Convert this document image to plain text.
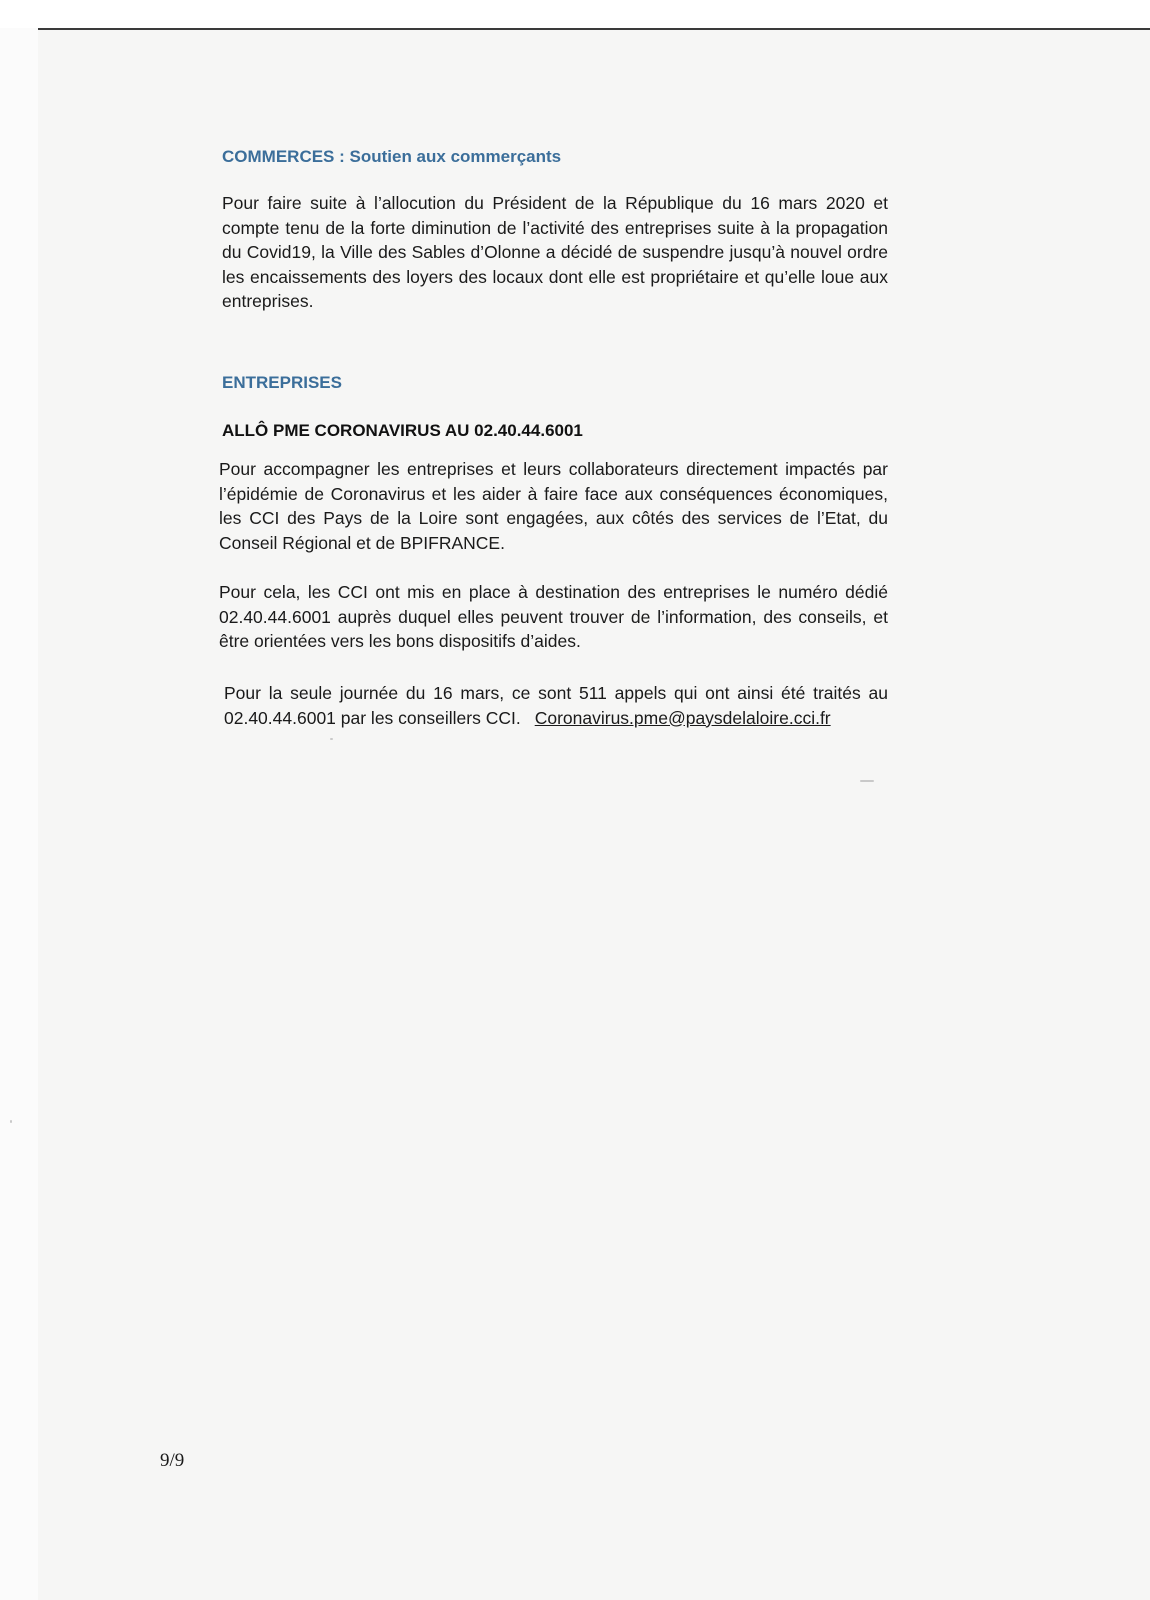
COMMERCES : Soutien aux commerçants

Pour faire suite à l’allocution du Président de la République du 16 mars 2020 et compte tenu de la forte diminution de l’activité des entreprises suite à la propagation du Covid19, la Ville des Sables d’Olonne a décidé de suspendre jusqu’à nouvel ordre les encaissements des loyers des locaux dont elle est propriétaire et qu’elle loue aux entreprises.

ENTREPRISES
ALLÔ PME CORONAVIRUS AU 02.40.44.6001

Pour accompagner les entreprises et leurs collaborateurs directement impactés par l’épidémie de Coronavirus et les aider à faire face aux conséquences économiques, les CCI des Pays de la Loire sont engagées, aux côtés des services de l’Etat, du Conseil Régional et de BPIFRANCE.

Pour cela, les CCI ont mis en place à destination des entreprises le numéro dédié 02.40.44.6001 auprès duquel elles peuvent trouver de l’information, des conseils, et être orientées vers les bons dispositifs d’aides.

Pour la seule journée du 16 mars, ce sont 511 appels qui ont ainsi été traités au 02.40.44.6001 par les conseillers CCI. Coronavirus.pme@paysdelaloire.cci.fr

9/9
